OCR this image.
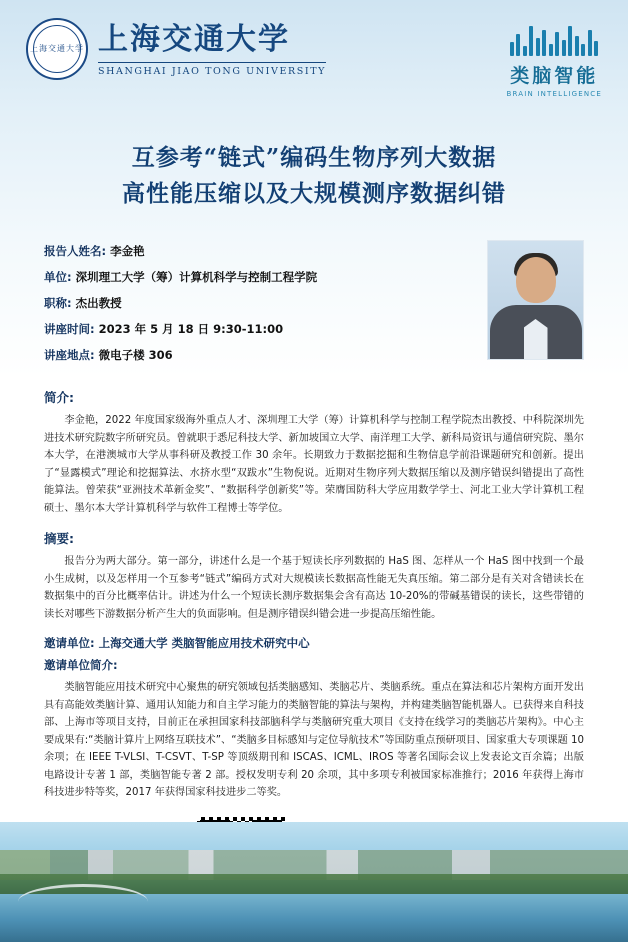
上海交通大学 上海交通大学
SHANGHAI JIAO TONG UNIVERSITY	类脑智能
BRAIN INTELLIGENCE
互参考“链式”编码生物序列大数据
高性能压缩以及大规模测序数据纠错
报告人姓名: 李金艳
单位: 深圳理工大学（筹）计算机科学与控制工程学院
职称: 杰出教授
讲座时间: 2023 年 5 月 18 日 9:30-11:00
讲座地点: 微电子楼 306
简介:

李金艳，2022 年度国家级海外重点人才、深圳理工大学（筹）计算机科学与控制工程学院杰出教授、中科院深圳先进技术研究院数字所研究员。曾就职于悉尼科技大学、新加坡国立大学、南洋理工大学、新科局资讯与通信研究院、墨尔本大学，在港澳城市大学从事科研及教授工作 30 余年。长期致力于数据挖掘和生物信息学前沿课题研究和创新。提出了“显露模式”理论和挖掘算法、水挤水型“双跋水”生物倪说。近期对生物序列大数据压缩以及测序错误纠错提出了高性能算法。曾荣获“亚洲技术革新金奖”、“数据科学创新奖”等。荣膺国防科大学应用数学学士、河北工业大学计算机工程硕士、墨尔本大学计算机科学与软件工程博士等学位。

摘要:

报告分为两大部分。第一部分，讲述什么是一个基于短读长序列数据的 HaS 图、怎样从一个 HaS 图中找到一个最小生成树，以及怎样用一个互参考“链式”编码方式对大规模读长数据高性能无失真压缩。第二部分是有关对含错读长在数据集中的百分比概率估计。讲述为什么一个短读长测序数据集会含有高达 10-20%的带碱基错误的读长，这些带错的读长对哪些下游数据分析产生大的负面影响。但是测序错误纠错会进一步提高压缩性能。

邀请单位: 上海交通大学 类脑智能应用技术研究中心
邀请单位简介:

类脑智能应用技术研究中心聚焦的研究领域包括类脑感知、类脑芯片、类脑系统。重点在算法和芯片架构方面开发出具有高能效类脑计算、通用认知能力和自主学习能力的类脑智能的算法与架构，并构建类脑智能机器人。已获得来自科技部、上海市等项目支持，目前正在承担国家科技部脑科学与类脑研究重大项目《支持在线学习的类脑芯片架构》。中心主要成果有:“类脑计算片上网络互联技术”、“类脑多目标感知与定位导航技术”等国防重点预研项目、国家重大专项课题 10 余项；在 IEEE T-VLSI、T-CSVT、T-SP 等顶级期刊和 ISCAS、ICML、IROS 等著名国际会议上发表论文百余篇；出版电路设计专著 1 部，类脑智能专著 2 部。授权发明专利 20 余项，其中多项专利被国家标准推行；2016 年获得上海市科技进步特等奖，2017 年获得国家科技进步二等奖。
